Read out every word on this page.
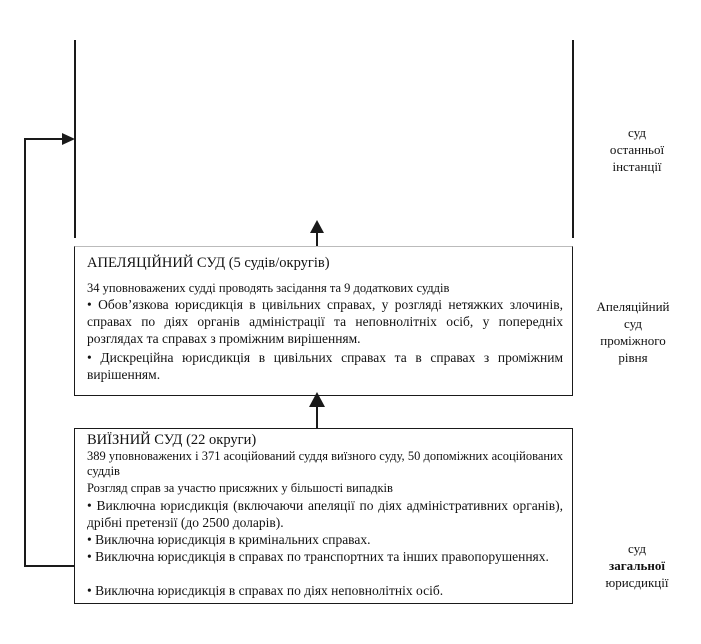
АПЕЛЯЦІЙНИЙ СУД (5 судів/округів)
34 уповноважених судді проводять засідання та 9 додаткових суддів
• Обов’язкова юрисдикція в цивільних справах, у розгляді нетяжких злочинів, справах по діях органів адміністрації та неповнолітніх осіб, у попередніх розглядах та справах з проміжним вирішенням.
• Дискреційна юрисдикція в цивільних справах та в справах з проміжним вирішенням.
ВИЇЗНИЙ СУД (22 округи)
389 уповноважених і 371 асоційований суддя виїзного суду, 50 допоміжних асоційованих суддів
Розгляд справ за участю присяжних у більшості випадків
• Виключна юрисдикція (включаючи апеляції по діях адміністративних органів), дрібні претензії (до 2500 доларів).
• Виключна юрисдикція в кримінальних справах.
• Виключна юрисдикція в справах по транспортних та інших правопорушеннях.
• Виключна юрисдикція в справах по діях неповнолітніх осіб.
суд
останньої
інстанції
Апеляційний
суд
проміжного
рівня
суд
загальної
юрисдикції
